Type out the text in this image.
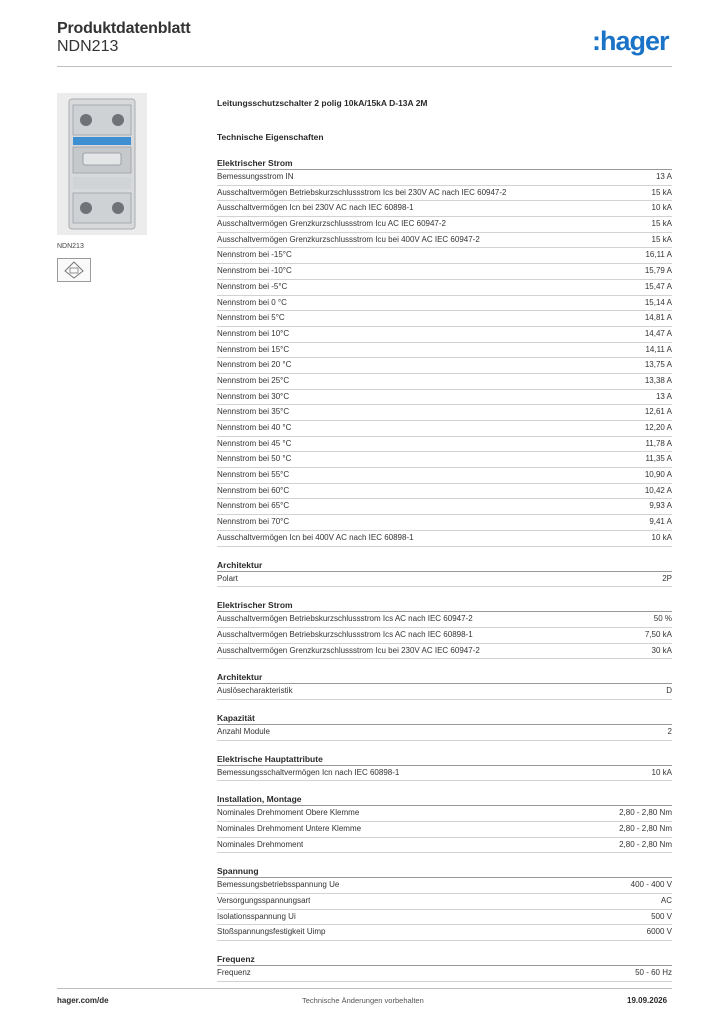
Produktdatenblatt
NDN213	:hager
NDN213
Leitungsschutzschalter 2 polig 10kA/15kA D-13A 2M
Technische Eigenschaften
Elektrischer Strom
Bemessungsstrom IN	13 A
Ausschaltvermögen Betriebskurzschlussstrom Ics bei 230V AC nach IEC 60947-2	15 kA
Ausschaltvermögen Icn bei 230V AC nach IEC 60898-1	10 kA
Ausschaltvermögen Grenzkurzschlussstrom Icu AC IEC 60947-2	15 kA
Ausschaltvermögen Grenzkurzschlussstrom Icu bei 400V AC IEC 60947-2	15 kA
Nennstrom bei -15°C	16,11 A
Nennstrom bei -10°C	15,79 A
Nennstrom bei -5°C	15,47 A
Nennstrom bei 0 °C	15,14 A
Nennstrom bei 5°C	14,81 A
Nennstrom bei 10°C	14,47 A
Nennstrom bei 15°C	14,11 A
Nennstrom bei 20 °C	13,75 A
Nennstrom bei 25°C	13,38 A
Nennstrom bei 30°C	13 A
Nennstrom bei 35°C	12,61 A
Nennstrom bei 40 °C	12,20 A
Nennstrom bei 45 °C	11,78 A
Nennstrom bei 50 °C	11,35 A
Nennstrom bei 55°C	10,90 A
Nennstrom bei 60°C	10,42 A
Nennstrom bei 65°C	9,93 A
Nennstrom bei 70°C	9,41 A
Ausschaltvermögen Icn bei 400V AC nach IEC 60898-1	10 kA
Architektur
Polart	2P
Elektrischer Strom
Ausschaltvermögen Betriebskurzschlussstrom Ics AC nach IEC 60947-2	50 %
Ausschaltvermögen Betriebskurzschlussstrom Ics AC nach IEC 60898-1	7,50 kA
Ausschaltvermögen Grenzkurzschlussstrom Icu bei 230V AC IEC 60947-2	30 kA
Architektur
Auslösecharakteristik	D
Kapazität
Anzahl Module	2
Elektrische Hauptattribute
Bemessungsschaltvermögen Icn nach IEC 60898-1	10 kA
Installation, Montage
Nominales Drehmoment Obere Klemme	2,80 - 2,80 Nm
Nominales Drehmoment Untere Klemme	2,80 - 2,80 Nm
Nominales Drehmoment	2,80 - 2,80 Nm
Spannung
Bemessungsbetriebsspannung Ue	400 - 400 V
Versorgungsspannungsart	AC
Isolationsspannung Ui	500 V
Stoßspannungsfestigkeit Uimp	6000 V
Frequenz
Frequenz	50 - 60 Hz
hager.com/de	Technische Änderungen vorbehalten	19.09.2026
